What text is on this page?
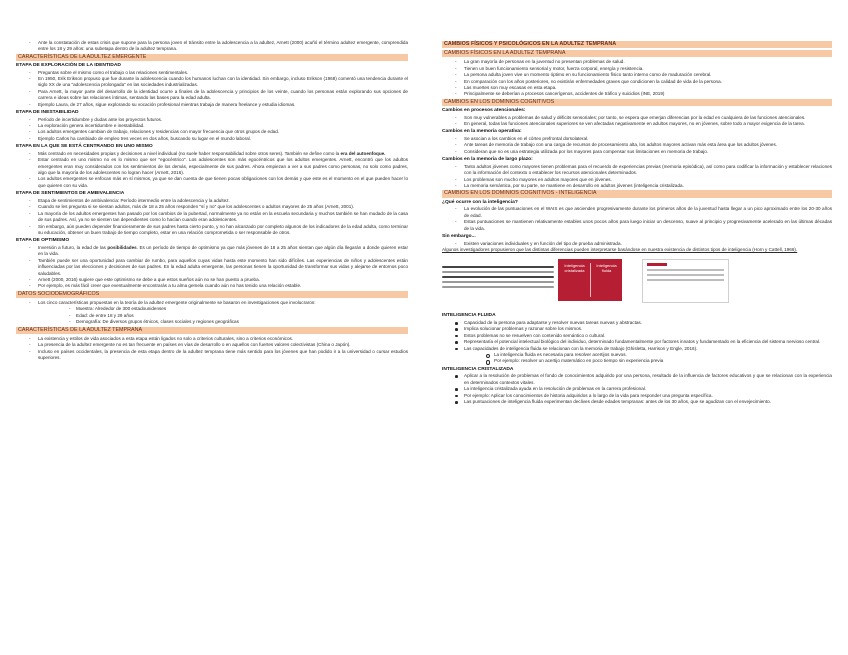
- Ante la constatación de estas crisis que supone para la persona joven el tránsito entre la adolescencia a la adultez, Arnett (2000) acuñó el término adultez emergente, comprendida entre los 18 y 29 años: una subetapa dentro de la adultez temprana.
CARACTERÍSTICAS DE LA ADULTEZ EMERGENTE
ETAPA DE EXPLORACIÓN DE LA IDENTIDAD
- Preguntas sobre el mismo como el trabajo o las relaciones sentimentales.
- En 1950, Erik Erikson propuso que fue durante la adolescencia cuando los humanos luchan con la identidad. Sin embargo, incluso Erikson (1968) comentó una tendencia durante el siglo XX de una "adolescencia prolongada" en las sociedades industrializadas.
- Para Arnett, la mayor parte del desarrollo de la identidad ocurre a finales de la adolescencia y principios de los veinte, cuando los personas están explorando sus opciones de carrera e ideas sobre las relaciones íntimas, sentando las bases para la edad adulta.
- Ejemplo Laura, de 27 años, sigue explorando su vocación profesional mientras trabaja de manera freelance y estudia idiomas.
ETAPA DE INESTABILIDAD
- Período de incertidumbre y dudas ante los proyectos futuros.
- La exploración genera incertidumbre e inestabilidad.
- Los adultos emergentes cambian de trabajo, relaciones y residencias con mayor frecuencia que otros grupos de edad.
- Ejemplo Carlos ha cambiado de empleo tres veces en dos años, buscando su lugar en el mundo laboral.
ETAPA EN LA QUE SE ESTÁ CENTRANDO EN UNO MISMO
- Más centrado en necesidades propias y decisiones a nivel individual (no suele haber responsabilidad sobre otros seres). También se define como la era del autoenfoque.
- Estar centrado en uno mismo no es lo mismo que ser "egocéntrico". Los adolescentes son más egocéntricos que los adultos emergentes. Arnett, encontró que los adultos emergentes eran muy considerados con los sentimientos de los demás, especialmente de sus padres. Ahora empiezan a ver a sus padres como personas, no solo como padres, algo que la mayoría de los adolescentes no logran hacer (Arnett, 2016).
- Los adultos emergentes se enfocan más en sí mismos, ya que se dan cuenta de que tienen pocas obligaciones con los demás y que este es el momento en el que pueden hacer lo que quieren con su vida.
ETAPA DE SENTIMIENTOS DE AMBIVALENCIA
- Etapa de sentimientos de ambivalencia: Período intermedio entre la adolescencia y la adultez.
- Cuando se les pregunta si se sientan adultos, más de 18 a 25 años responden "sí y no" que los adolescentes o adultos mayores de 25 años (Arnett, 2001).
- La mayoría de los adultos emergentes han pasado por los cambios de la pubertad, normalmente ya no están en la escuela secundaria y muchos también se han mudado de la casa de sus padres. Así, ya no se sienten tan dependientes como lo hacían cuando eran adolescentes.
- Sin embargo, aún pueden depender financieramente de sus padres hasta cierto punto, y no han alcanzado por completo algunos de los indicadores de la edad adulta, como terminar su educación, obtener un buen trabajo de tiempo completo, estar en una relación comprometida o ser responsable de otros.
ETAPA DE OPTIMISMO
- Inversión a futuro, la edad de las posibilidades. Es un período de tiempo de optimismo ya que más jóvenes de 18 a 25 años sientan que algún día llegarán a donde quieren estar en la vida.
- También puede ser una oportunidad para cambiar de rumbo, para aquellos cuyas vidas hasta este momento han sido difíciles. Las experiencias de niños y adolescentes están influenciadas por las elecciones y decisiones de sus padres. En la edad adulta emergente, las personas tienen la oportunidad de transformar sus vidas y alejarse de entornos poco saludables.
- Arnett (2000, 2016) sugiere que este optimismo se debe a que estos sueños aún no se han puesto a prueba.
- Por ejemplo, es más fácil creer que eventualmente encontrarás a tu alma gemela cuando aún no has tenido una relación estable.
DATOS SOCIODEMOGRÁFICOS
- Los cinco características propuestas en la teoría de la adultez emergente originalmente se basaron en investigaciones que involucraron:
- Muestra: Alrededor de 300 estadounidenses
- Edad: de entre 18 y 29 años
- Demografía: De diversos grupos étnicos, clases sociales y regiones geográficas
CARACTERÍSTICAS DE LA ADULTEZ TEMPRANA
- La existencia y estilos de vida asociados a esta etapa están ligados no solo a criterios culturales, sino a criterios económicos.
- La presencia de la adultez emergente no es tan frecuente en países en vías de desarrollo o en aquellos con fuertes valores colectivistas (China o Japón).
- Incluso en países occidentales, la presencia de esta etapa dentro de la adultez temprana tiene más sentido para los jóvenes que han podido ir a la universidad o cursar estudios superiores.
CAMBIOS FÍSICOS Y PSICOLÓGICOS EN LA ADULTEZ TEMPRANA
CAMBIOS FÍSICOS EN LA ADULTEZ TEMPRANA
- La gran mayoría de personas en la juventud no presentan problemas de salud.
- Tienen un buen funcionamiento sensorial y motor, fuerza corporal, energía y resistencia.
- La persona adulta joven vive un momento óptimo en su funcionamiento físico tanto interno como de maduración cerebral.
- En comparación con los años posteriores, no existirán enfermedades graves que condicionen la calidad de vida de la persona.
- Las muertes son muy escasas en esta etapa.
- Principalmente se deberían a procesos cancerígenos, accidentes de tráfico y suicidios (INE, 2019)
CAMBIOS EN LOS DOMINIOS COGNITIVOS
Cambios en procesos atencionales:
- Son muy vulnerables a problemas de salud y déficits sensoriales; por tanto, se espera que emerjan diferencias por la edad en cualquiera de las funciones atencionales.
- En general, todas las funciones atencionales superiores se ven afectadas negativamente en adultos mayores, no en jóvenes, sobre todo a mayor exigencia de la tarea.
Cambios en la memoria operativa:
- Se asocian a los cambios en el córtex prefrontal dorsolateral.
- Ante tareas de memoria de trabajo con una carga de recursos de procesamiento alta, los adultos mayores activan más esta área que los adultos jóvenes.
- Consideran que no es una estrategia utilizada por los mayores para compensar sus limitaciones en memoria de trabajo.
Cambios en la memoria de largo plazo:
- Tanto adultos jóvenes como mayores tienen problemas para el recuerdo de experiencias previas (memoria episódica), así como para codificar la información y establecer relaciones con la información del contexto o establecer los recursos atencionales determinados.
- Los problemas son mucho mayores en adultos mayores que en jóvenes.
- La memoria semántica, por su parte, se mantiene en desarrollo en adultos jóvenes (inteligencia cristalizada.
CAMBIOS EN LOS DOMINIOS COGNITIVOS - INTELIGENCIA
¿Qué ocurre con la inteligencia?
- La evolución de las puntuaciones en el WAIS es que ascienden progresivamente durante los primeros años de la juventud hasta llegar a un pico aproximado entre los 20-30 años de edad.
- Estas puntuaciones se mantienen relativamente estables unos pocos años para luego iniciar un descenso, suave al principio y progresivamente acelerado en las últimas décadas de la vida.
Sin embargo...
- Existen variaciones individuales y en función del tipo de prueba administrada.
Algunos investigadores propusieron que las distintas diferencias pueden interpretarse basándose en nuestra existencia de distintos tipos de inteligencia (Horn y Cattell, 1966).
Inteligencia cristalizada
Inteligencia fluida
INTELIGENCIA FLUIDA
Capacidad de la persona para adaptarse y resolver nuevas tareas nuevas y abstractas.
Implica solucionar problemas y razonar sobre los mismos.
Estos problemas no se resuelven con contenido semántico o cultural.
Representaría el potencial intelectual biológico del individuo, determinado fundamentalmente por factores innatos y fundamentado en la eficiencia del sistema nervioso central.
Las capacidades de inteligencia fluida se relacionan con la memoria de trabajo (Ghisletta, Harrison y Engle, 2016).
La inteligencia fluida es necesaria para resolver acertijos nuevos.
Por ejemplo: resolver un acertijo matemático en poco tiempo sin experiencia previa
INTELIGENCIA CRISTALIZADA
Aplicar a la resolución de problemas el fondo de conocimientos adquirido por una persona, resultado de la influencia de factores educativos y que se relacionan con la experiencia en determinados contextos vitales.
La inteligencia cristalizada ayuda en la resolución de problemas en la carrera profesional.
Por ejemplo: Aplicar los conocimientos de historia adquiridos a lo largo de la vida para responder una pregunta específica.
Las puntuaciones de inteligencia fluida experimentan declives desde edades tempranas: antes de los 30 años, que se agudizan con el envejecimiento.
